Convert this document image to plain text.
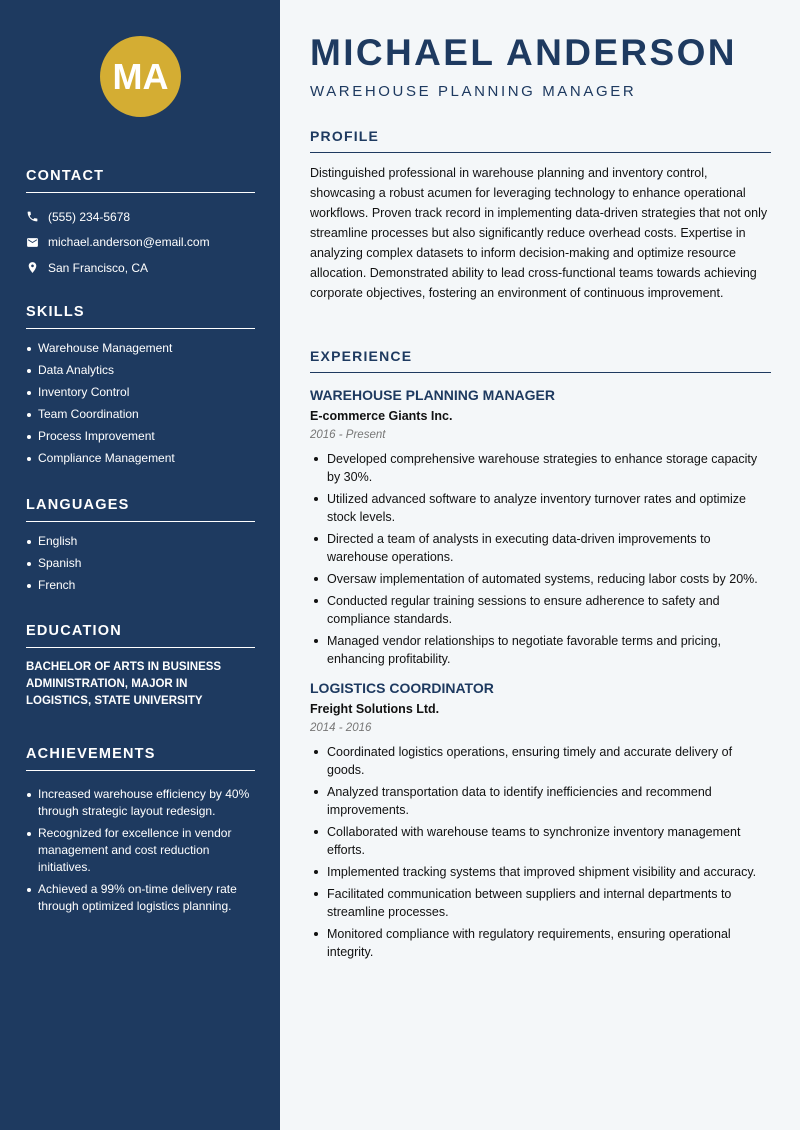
MA
CONTACT
(555) 234-5678
michael.anderson@email.com
San Francisco, CA
SKILLS
Warehouse Management
Data Analytics
Inventory Control
Team Coordination
Process Improvement
Compliance Management
LANGUAGES
English
Spanish
French
EDUCATION
BACHELOR OF ARTS IN BUSINESS ADMINISTRATION, MAJOR IN LOGISTICS, STATE UNIVERSITY
ACHIEVEMENTS
Increased warehouse efficiency by 40% through strategic layout redesign.
Recognized for excellence in vendor management and cost reduction initiatives.
Achieved a 99% on-time delivery rate through optimized logistics planning.
MICHAEL ANDERSON
WAREHOUSE PLANNING MANAGER
PROFILE
Distinguished professional in warehouse planning and inventory control, showcasing a robust acumen for leveraging technology to enhance operational workflows. Proven track record in implementing data-driven strategies that not only streamline processes but also significantly reduce overhead costs. Expertise in analyzing complex datasets to inform decision-making and optimize resource allocation. Demonstrated ability to lead cross-functional teams towards achieving corporate objectives, fostering an environment of continuous improvement.
EXPERIENCE
WAREHOUSE PLANNING MANAGER
E-commerce Giants Inc.
2016 - Present
Developed comprehensive warehouse strategies to enhance storage capacity by 30%.
Utilized advanced software to analyze inventory turnover rates and optimize stock levels.
Directed a team of analysts in executing data-driven improvements to warehouse operations.
Oversaw implementation of automated systems, reducing labor costs by 20%.
Conducted regular training sessions to ensure adherence to safety and compliance standards.
Managed vendor relationships to negotiate favorable terms and pricing, enhancing profitability.
LOGISTICS COORDINATOR
Freight Solutions Ltd.
2014 - 2016
Coordinated logistics operations, ensuring timely and accurate delivery of goods.
Analyzed transportation data to identify inefficiencies and recommend improvements.
Collaborated with warehouse teams to synchronize inventory management efforts.
Implemented tracking systems that improved shipment visibility and accuracy.
Facilitated communication between suppliers and internal departments to streamline processes.
Monitored compliance with regulatory requirements, ensuring operational integrity.
